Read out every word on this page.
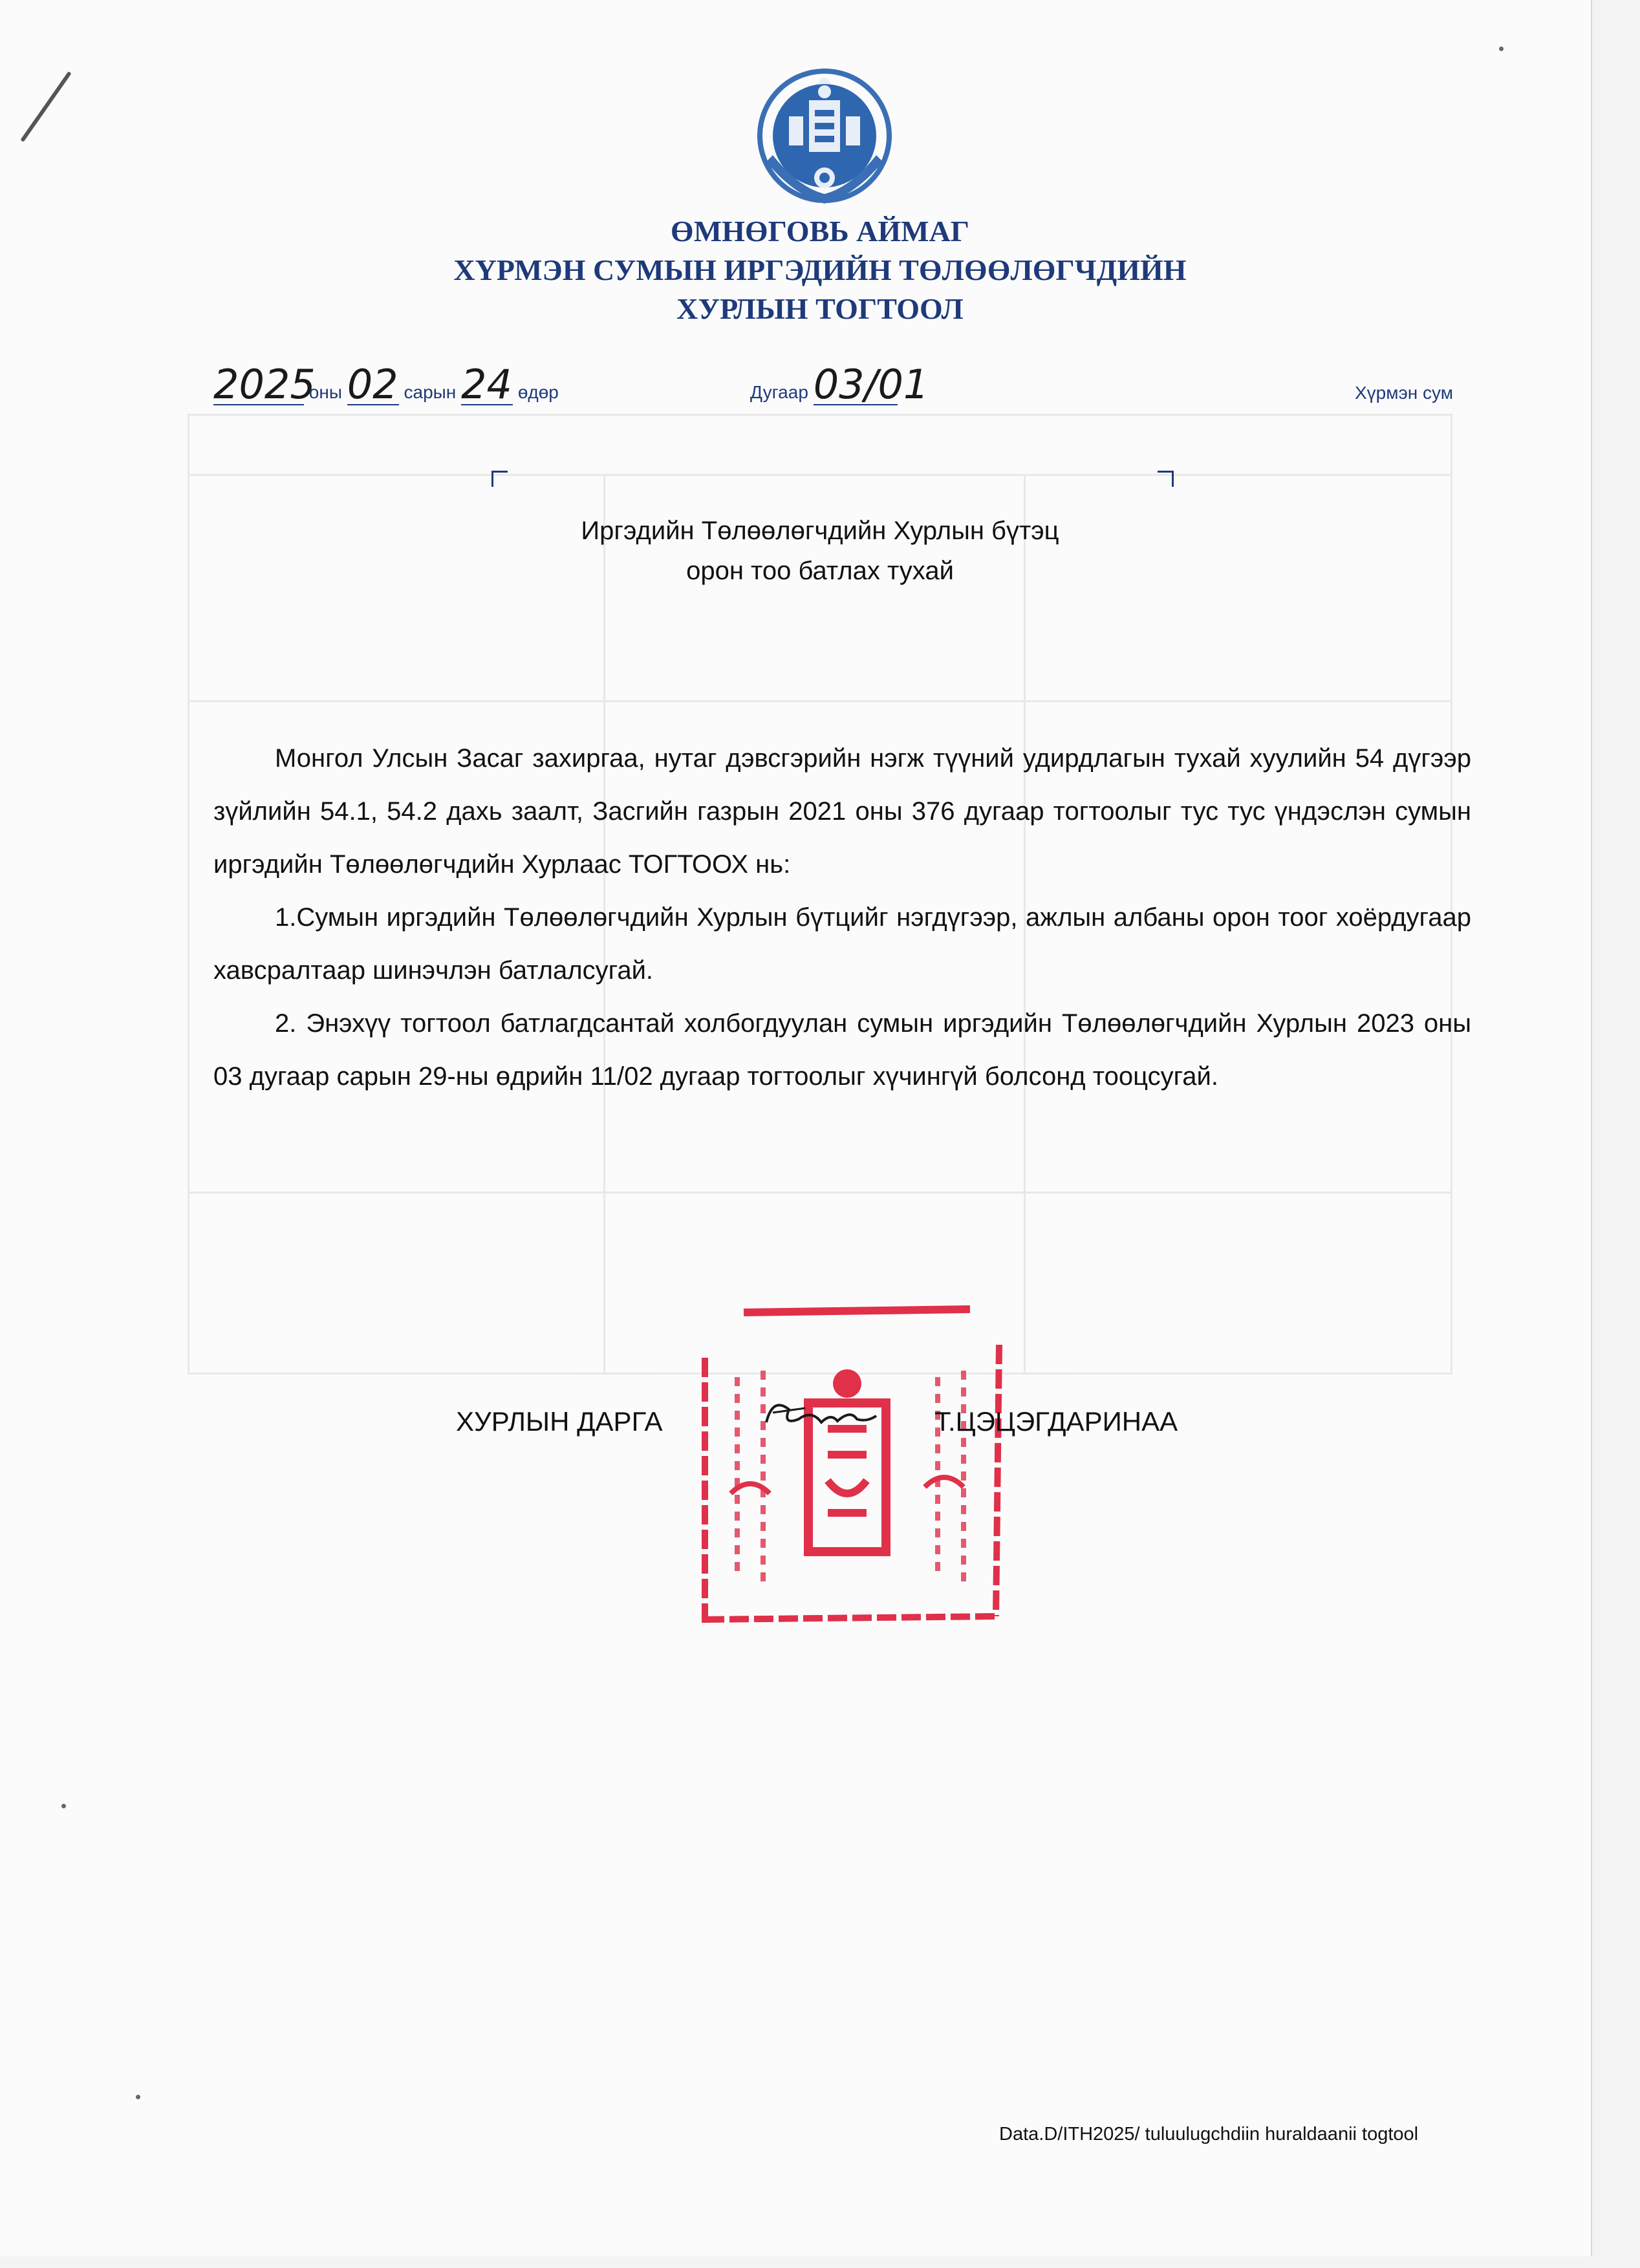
ӨМНӨГОВЬ АЙМАГ
ХҮРМЭН СУМЫН ИРГЭДИЙН ТӨЛӨӨЛӨГЧДИЙН
ХУРЛЫН ТОГТООЛ
2025 оны 02 сарын 24 өдөр	Дугаар 03/01	Хүрмэн сум
Иргэдийн Төлөөлөгчдийн Хурлын бүтэц
орон тоо батлах тухай

Монгол Улсын Засаг захиргаа, нутаг дэвсгэрийн нэгж түүний удирдлагын тухай хуулийн 54 дүгээр зүйлийн 54.1, 54.2 дахь заалт, Засгийн газрын 2021 оны 376 дугаар тогтоолыг тус тус үндэслэн сумын иргэдийн Төлөөлөгчдийн Хурлаас ТОГТООХ нь:

1.Сумын иргэдийн Төлөөлөгчдийн Хурлын бүтцийг нэгдүгээр, ажлын албаны орон тоог хоёрдугаар хавсралтаар шинэчлэн батлалсугай.

2. Энэхүү тогтоол батлагдсантай холбогдуулан сумын иргэдийн Төлөөлөгчдийн Хурлын 2023 оны 03 дугаар сарын 29-ны өдрийн 11/02 дугаар тогтоолыг хүчингүй болсонд тооцсугай.

ХУРЛЫН ДАРГА	Т.ЦЭЦЭГДАРИНАА
Data.D/ITH2025/ tuluulugchdiin huraldaanii togtool
